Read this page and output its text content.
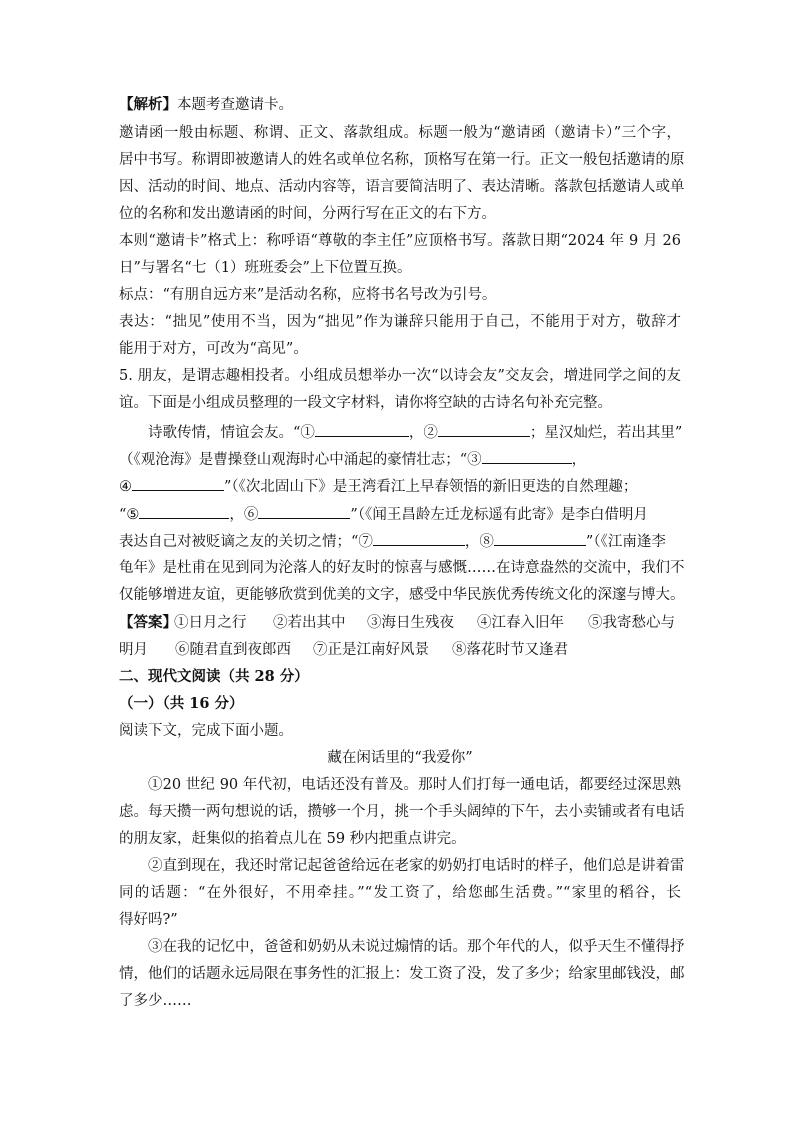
【解析】本题考查邀请卡。
邀请函一般由标题、称谓、正文、落款组成。标题一般为“邀请函（邀请卡）”三个字，
居中书写。称谓即被邀请人的姓名或单位名称，顶格写在第一行。正文一般包括邀请的原
因、活动的时间、地点、活动内容等，语言要简洁明了、表达清晰。落款包括邀请人或单
位的名称和发出邀请函的时间，分两行写在正文的右下方。
本则“邀请卡”格式上：称呼语“尊敬的李主任”应顶格书写。落款日期“2024 年 9 月 26
日”与署名“七（1）班班委会”上下位置互换。
标点：“有朋自远方来”是活动名称，应将书名号改为引号。
表达：“拙见”使用不当，因为“拙见”作为谦辞只能用于自己，不能用于对方，敬辞才
能用于对方，可改为“高见”。
5. 朋友，是谓志趣相投者。小组成员想举办一次“以诗会友”交友会，增进同学之间的友
谊。下面是小组成员整理的一段文字材料，请你将空缺的古诗名句补充完整。
诗歌传情，情谊会友。“①	，②	；星汉灿烂，若出其里”
（《观沧海》是曹操登山观海时心中涌起的豪情壮志；“③	，
④	”（《次北固山下》是王湾看江上早春领悟的新旧更迭的自然理趣；
“⑤	，⑥	”（《闻王昌龄左迁龙标遥有此寄》是李白借明月
表达自己对被贬谪之友的关切之情；“⑦	，⑧	”（《江南逢李
龟年》是杜甫在见到同为沦落人的好友时的惊喜与感慨……在诗意盎然的交流中，我们不
仅能够增进友谊，更能够欣赏到优美的文字，感受中华民族优秀传统文化的深邃与博大。
【答案】
①日月之行 ②若出其中 ③海日生残夜 ④江春入旧年 ⑤我寄愁心与
明月 ⑥随君直到夜郎西 ⑦正是江南好风景 ⑧落花时节又逢君
二、现代文阅读（共 28 分）
（一）（共 16 分）
阅读下文，完成下面小题。
藏在闲话里的“我爱你”
①20 世纪 90 年代初，电话还没有普及。那时人们打每一通电话，都要经过深思熟
虑。每天攒一两句想说的话，攒够一个月，挑一个手头阔绰的下午，去小卖铺或者有电话
的朋友家，赶集似的掐着点儿在 59 秒内把重点讲完。
②直到现在，我还时常记起爸爸给远在老家的奶奶打电话时的样子，他们总是讲着雷
同的话题：“在外很好，不用牵挂。”“发工资了，给您邮生活费。”“家里的稻谷，长
得好吗?”
③在我的记忆中，爸爸和奶奶从未说过煽情的话。那个年代的人，似乎天生不懂得抒
情，他们的话题永远局限在事务性的汇报上：发工资了没，发了多少；给家里邮钱没，邮
了多少……
